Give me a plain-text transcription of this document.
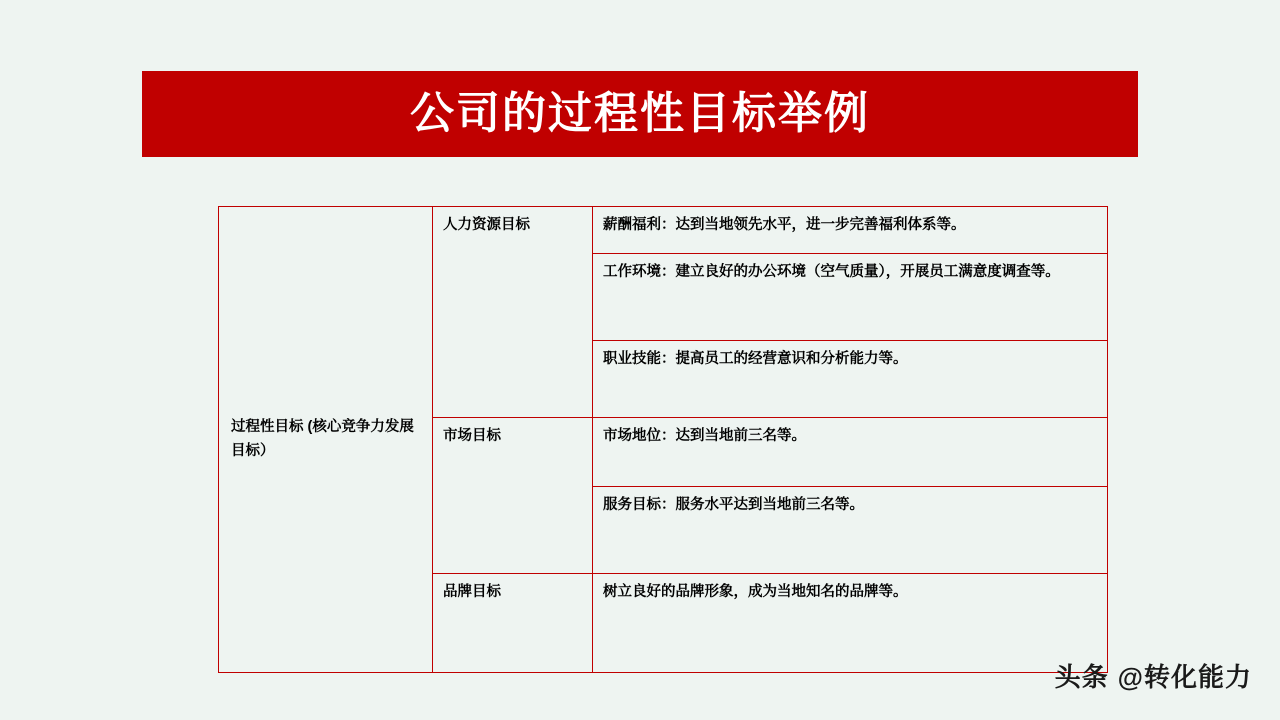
公司的过程性目标举例
过程性目标 (核心竞争力发展目标）	人力资源目标	薪酬福利：达到当地领先水平，进一步完善福利体系等。
		工作环境：建立良好的办公环境（空气质量），开展员工满意度调查等。
		职业技能：提高员工的经营意识和分析能力等。
	市场目标	市场地位：达到当地前三名等。
		服务目标：服务水平达到当地前三名等。
	品牌目标	树立良好的品牌形象，成为当地知名的品牌等。
头条 @转化能力
